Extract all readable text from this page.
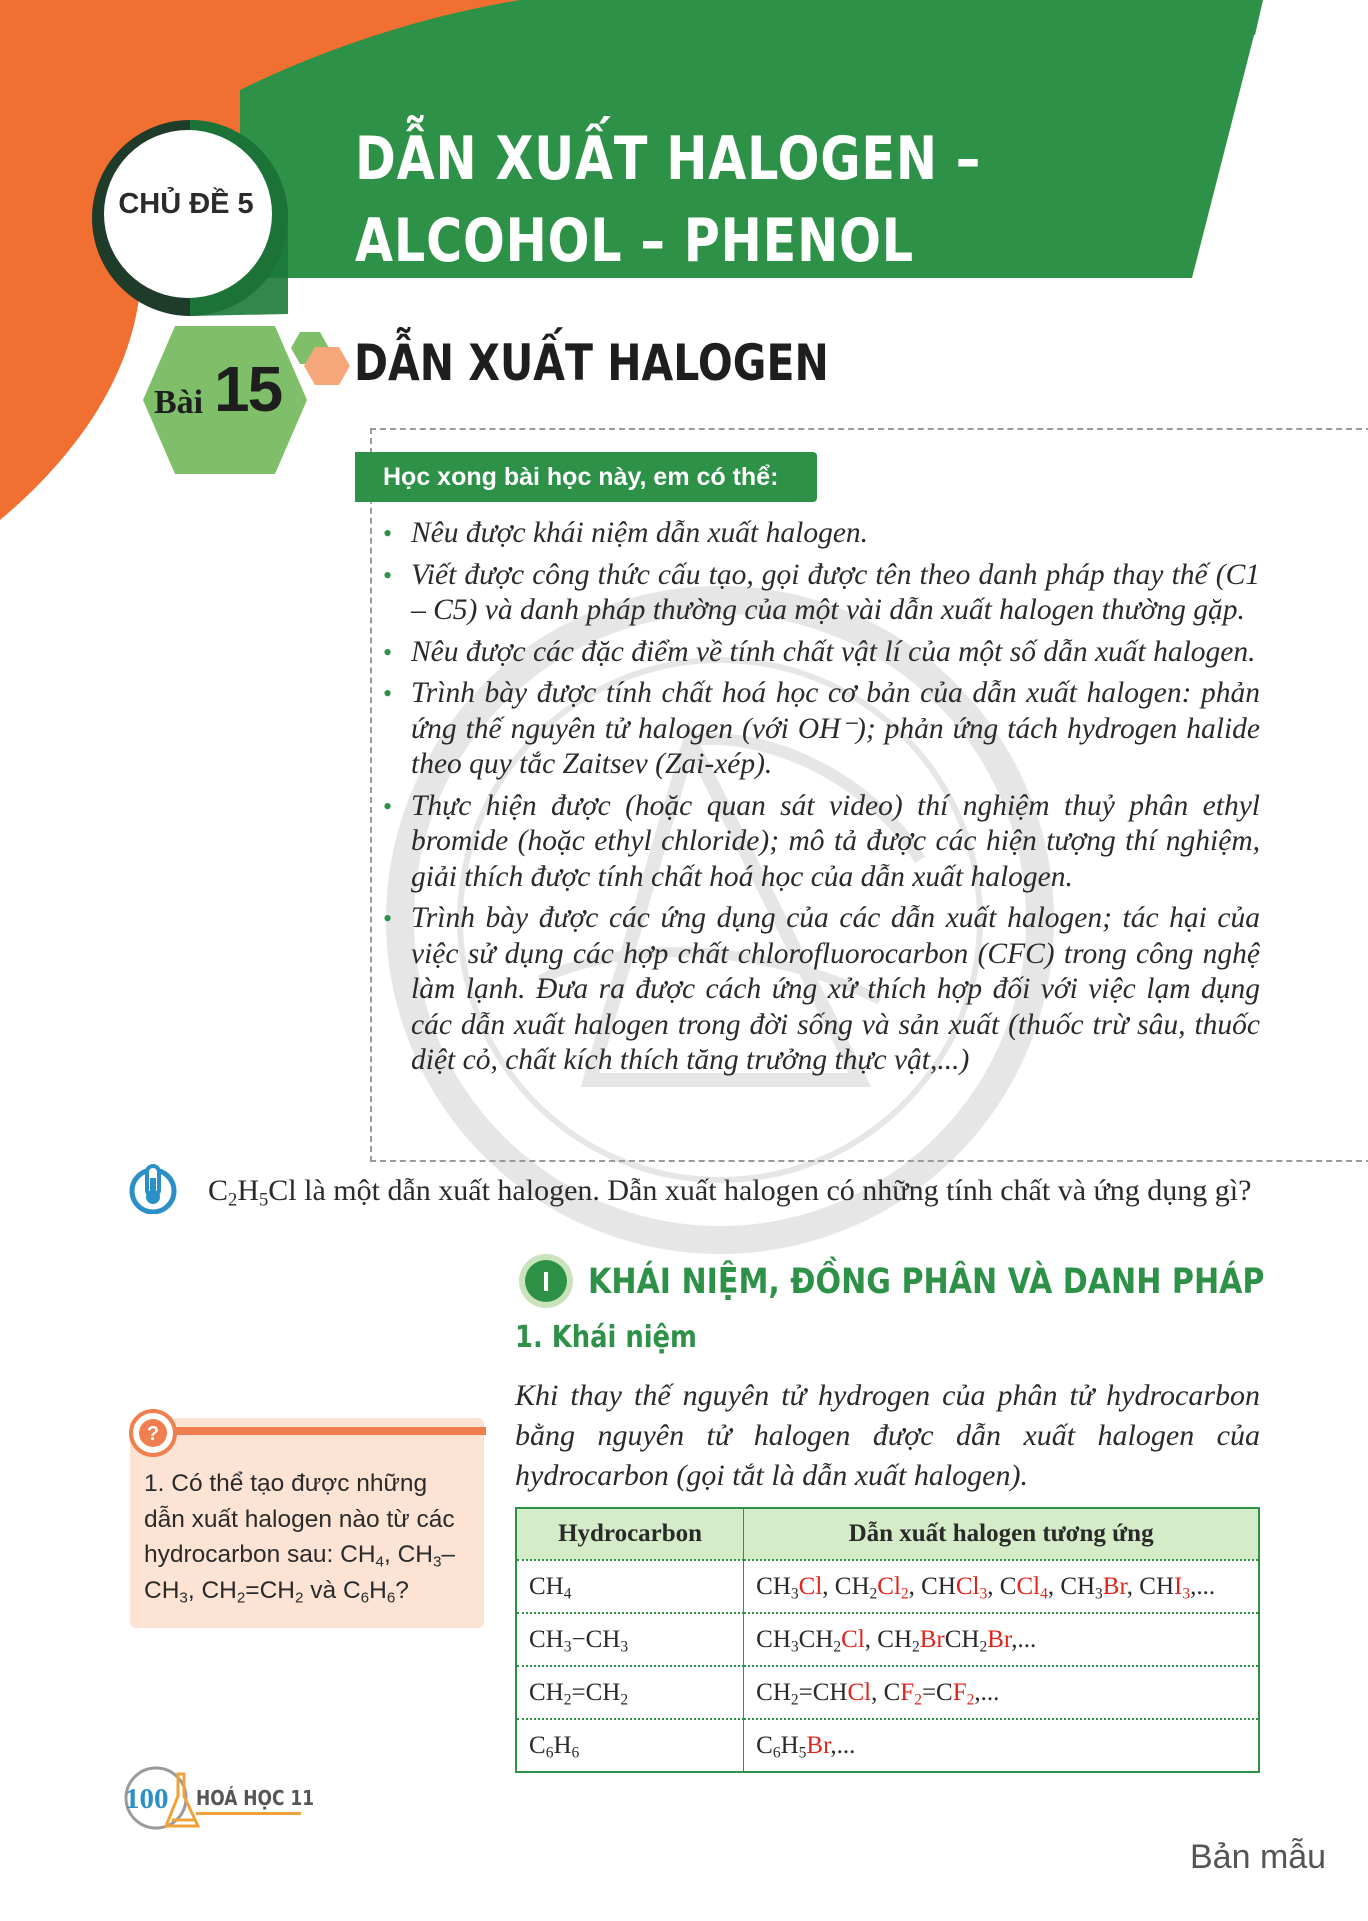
CHỦ ĐỀ 5
DẪN XUẤT HALOGEN –
ALCOHOL – PHENOL
Bài 15 DẪN XUẤT HALOGEN
Học xong bài học này, em có thể:
• Nêu được khái niệm dẫn xuất halogen.
• Viết được công thức cấu tạo, gọi được tên theo danh pháp thay thế (C1 – C5) và danh pháp thường của một vài dẫn xuất halogen thường gặp.
• Nêu được các đặc điểm về tính chất vật lí của một số dẫn xuất halogen.
• Trình bày được tính chất hoá học cơ bản của dẫn xuất halogen: phản ứng thế nguyên tử halogen (với OH⁻); phản ứng tách hydrogen halide theo quy tắc Zaitsev (Zai-xép).
• Thực hiện được (hoặc quan sát video) thí nghiệm thuỷ phân ethyl bromide (hoặc ethyl chloride); mô tả được các hiện tượng thí nghiệm, giải thích được tính chất hoá học của dẫn xuất halogen.
• Trình bày được các ứng dụng của các dẫn xuất halogen; tác hại của việc sử dụng các hợp chất chlorofluorocarbon (CFC) trong công nghệ làm lạnh. Đưa ra được cách ứng xử thích hợp đối với việc lạm dụng các dẫn xuất halogen trong đời sống và sản xuất (thuốc trừ sâu, thuốc diệt cỏ, chất kích thích tăng trưởng thực vật,...)
$C_2H_5Cl$ là một dẫn xuất halogen. Dẫn xuất halogen có những tính chất và ứng dụng gì?
I KHÁI NIỆM, ĐỒNG PHÂN VÀ DANH PHÁP
1. Khái niệm
Khi thay thế nguyên tử hydrogen của phân tử hydrocarbon bằng nguyên tử halogen được dẫn xuất halogen của hydrocarbon (gọi tắt là dẫn xuất halogen).
?
1. Có thể tạo được những dẫn xuất halogen nào từ các hydrocarbon sau: $CH_4$, $CH_3-CH_3$, $CH_2=CH_2$ và $C_6H_6$?
Hydrocarbon	Dẫn xuất halogen tương ứng
$CH_4$	$CH_3Cl$, $CH_2Cl_2$, CHCl$_3$, CCl$_4$, $CH_3Br$, $CHI_3$,...
$CH_3-CH_3$	$CH_3CH_2Cl$, $CH_2BrCH_2Br$,...
$CH_2=CH_2$	$CH_2=CHCl$, $CF_2=CF_2$,...
$C_6H_6$	$C_6H_5Br$,...
100 HOÁ HỌC 11
Bản mẫu
